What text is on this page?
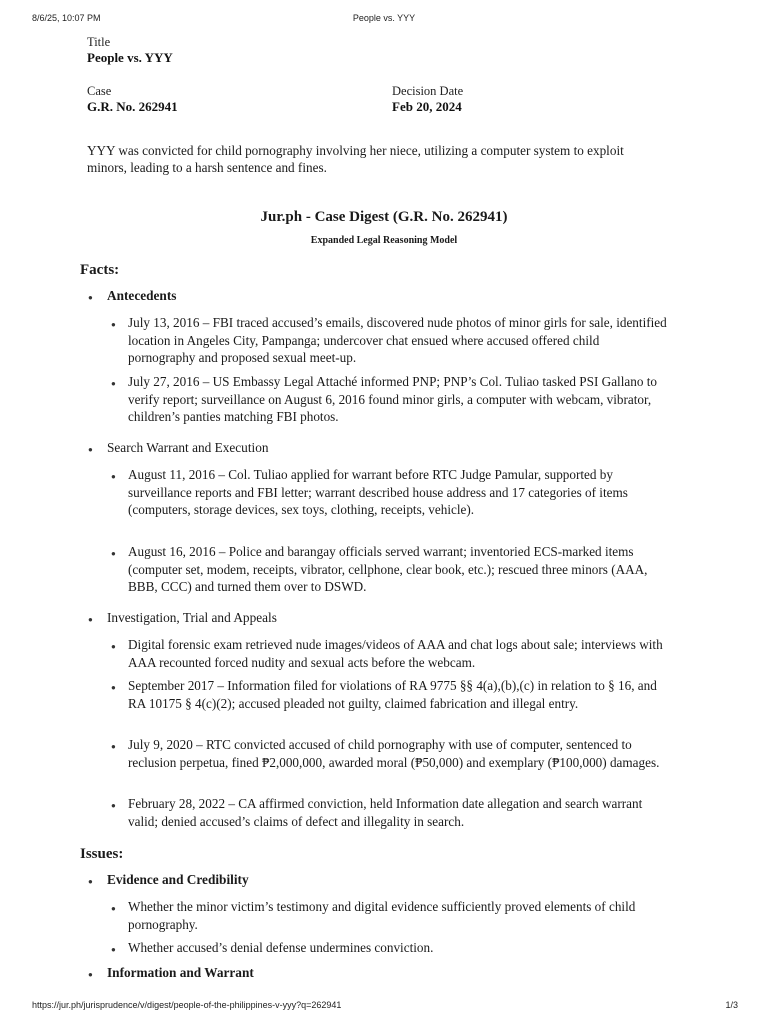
8/6/25, 10:07 PM	People vs. YYY
Title
People vs. YYY
Case
G.R. No. 262941
Decision Date
Feb 20, 2024
YYY was convicted for child pornography involving her niece, utilizing a computer system to exploit minors, leading to a harsh sentence and fines.
Jur.ph - Case Digest (G.R. No. 262941)
Expanded Legal Reasoning Model
Facts:
● Antecedents
● July 13, 2016 – FBI traced accused’s emails, discovered nude photos of minor girls for sale, identified location in Angeles City, Pampanga; undercover chat ensued where accused offered child pornography and proposed sexual meet-up.
● July 27, 2016 – US Embassy Legal Attaché informed PNP; PNP’s Col. Tuliao tasked PSI Gallano to verify report; surveillance on August 6, 2016 found minor girls, a computer with webcam, vibrator, children’s panties matching FBI photos.
● Search Warrant and Execution
● August 11, 2016 – Col. Tuliao applied for warrant before RTC Judge Pamular, supported by surveillance reports and FBI letter; warrant described house address and 17 categories of items (computers, storage devices, sex toys, clothing, receipts, vehicle).
● August 16, 2016 – Police and barangay officials served warrant; inventoried ECS-marked items (computer set, modem, receipts, vibrator, cellphone, clear book, etc.); rescued three minors (AAA, BBB, CCC) and turned them over to DSWD.
● Investigation, Trial and Appeals
● Digital forensic exam retrieved nude images/videos of AAA and chat logs about sale; interviews with AAA recounted forced nudity and sexual acts before the webcam.
● September 2017 – Information filed for violations of RA 9775 §§ 4(a),(b),(c) in relation to § 16, and RA 10175 § 4(c)(2); accused pleaded not guilty, claimed fabrication and illegal entry.
● July 9, 2020 – RTC convicted accused of child pornography with use of computer, sentenced to reclusion perpetua, fined ₱2,000,000, awarded moral (₱50,000) and exemplary (₱100,000) damages.
● February 28, 2022 – CA affirmed conviction, held Information date allegation and search warrant valid; denied accused’s claims of defect and illegality in search.
Issues:
● Evidence and Credibility
● Whether the minor victim’s testimony and digital evidence sufficiently proved elements of child pornography.
● Whether accused’s denial defense undermines conviction.
● Information and Warrant
https://jur.ph/jurisprudence/v/digest/people-of-the-philippines-v-yyy?q=262941	1/3
